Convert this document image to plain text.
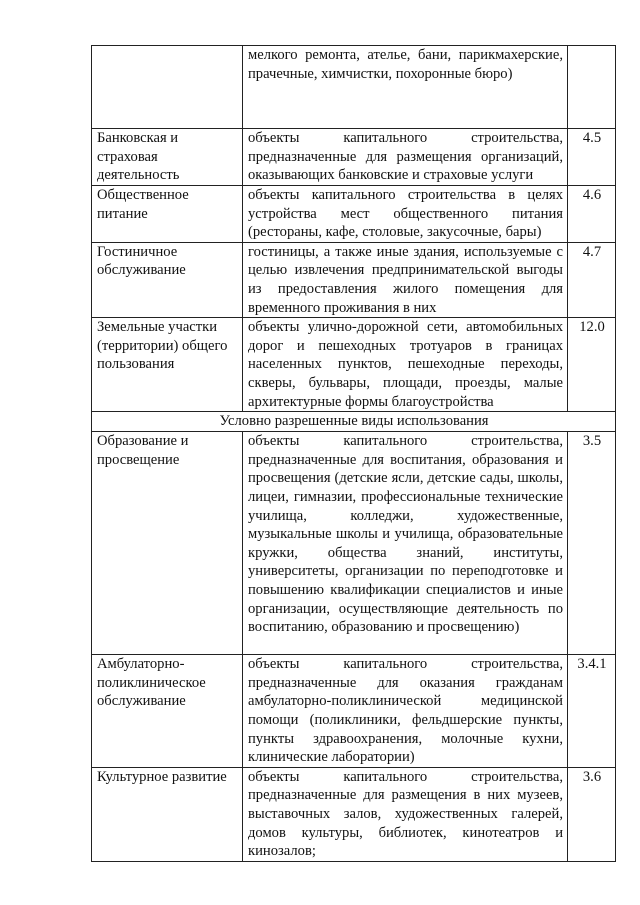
	мелкого ремонта, ателье, бани, парикмахерские, прачечные, химчистки, похоронные бюро)	
Банковская и страховая деятельность	объекты капитального строительства, предназначенные для размещения организаций, оказывающих банковские и страховые услуги	4.5
Общественное питание	объекты капитального строительства в целях устройства мест общественного питания (рестораны, кафе, столовые, закусочные, бары)	4.6
Гостиничное обслуживание	гостиницы, а также иные здания, используемые с целью извлечения предпринимательской выгоды из предоставления жилого помещения для временного проживания в них	4.7
Земельные участки (территории) общего пользования	объекты улично-дорожной сети, автомобильных дорог и пешеходных тротуаров в границах населенных пунктов, пешеходные переходы, скверы, бульвары, площади, проезды, малые архитектурные формы благоустройства	12.0
Условно разрешенные виды использования		
Образование и просвещение	объекты капитального строительства, предназначенные для воспитания, образования и просвещения (детские ясли, детские сады, школы, лицеи, гимназии, профессиональные технические училища, колледжи, художественные, музыкальные школы и училища, образовательные кружки, общества знаний, институты, университеты, организации по переподготовке и повышению квалификации специалистов и иные организации, осуществляющие деятельность по воспитанию, образованию и просвещению)	3.5
Амбулаторно-поликлиническое обслуживание	объекты капитального строительства, предназначенные для оказания гражданам амбулаторно-поликлинической медицинской помощи (поликлиники, фельдшерские пункты, пункты здравоохранения, молочные кухни, клинические лаборатории)	3.4.1
Культурное развитие	объекты капитального строительства, предназначенные для размещения в них музеев, выставочных залов, художественных галерей, домов культуры, библиотек, кинотеатров и кинозалов;	3.6
